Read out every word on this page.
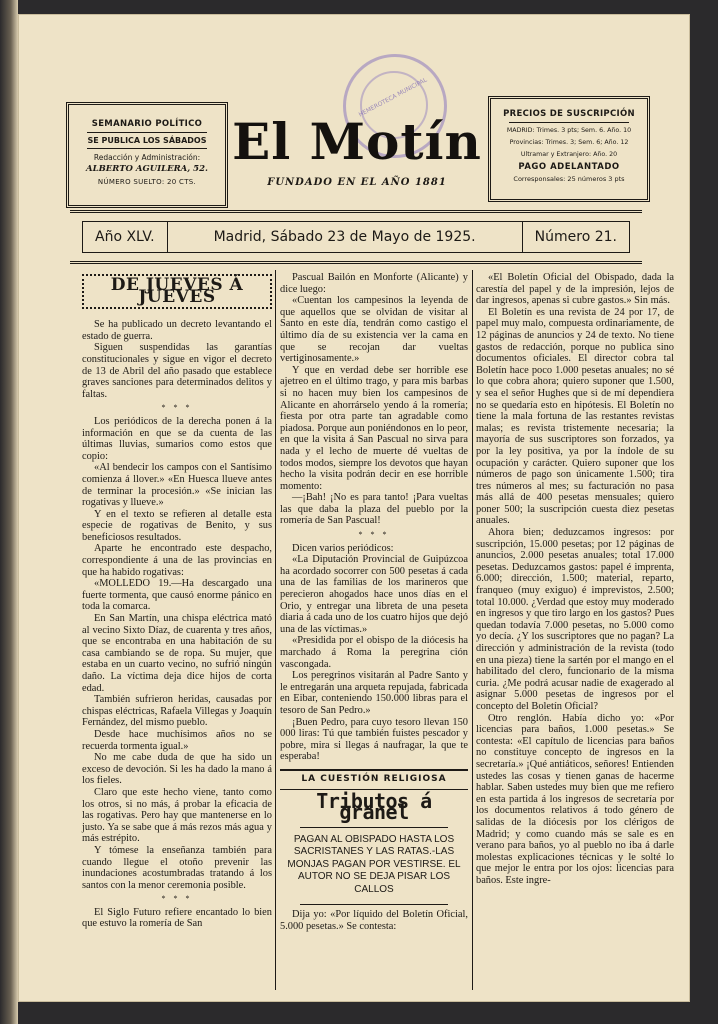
HEMEROTECA MUNICIPAL
SEMANARIO POLÍTICO
SE PUBLICA LOS SÁBADOS
Redacción y Administración:
ALBERTO AGUILERA, 52.
NÚMERO SUELTO: 20 CTS.
El Motín
FUNDADO EN EL AÑO 1881
PRECIOS DE SUSCRIPCIÓN
MADRID: Trimes. 3 pts; Sem. 6. Año. 10
Provincias: Trimes. 3; Sem. 6; Año. 12
Ultramar y Extranjero: Año. 20
PAGO ADELANTADO
Corresponsales: 25 números 3 pts
Año XLV.	Madrid, Sábado 23 de Mayo de 1925.	Número 21.
DE JUEVES Á JUEVES

Se ha publicado un decreto levantando el estado de guerra.

Siguen suspendidas las garantías constitucionales y sigue en vigor el decreto de 13 de Abril del año pasado que establece graves sanciones para determinados delitos y faltas.

* * *

Los periódicos de la derecha ponen á la información en que se da cuenta de las últimas lluvias, sumarios como estos que copio:

«Al bendecir los campos con el Santísimo comienza á llover.» «En Huesca llueve antes de terminar la procesión.» «Se inician las rogativas y llueve.»

Y en el texto se refieren al detalle esta especie de rogativas de Benito, y sus beneficiosos resultados.

Aparte he encontrado este despacho, correspondiente á una de las provincias en que ha habido rogativas:

«MOLLEDO 19.—Ha descargado una fuerte tormenta, que causó enorme pánico en toda la comarca.

En San Martín, una chispa eléctrica mató al vecino Sixto Díaz, de cuarenta y tres años, que se encontraba en una habitación de su casa cambiando se de ropa. Su mujer, que estaba en un cuarto vecino, no sufrió ningún daño. La víctima deja dice hijos de corta edad.

También sufrieron heridas, causadas por chispas eléctricas, Rafaela Villegas y Joaquín Fernández, del mismo pueblo.

Desde hace muchísimos años no se recuerda tormenta igual.»

No me cabe duda de que ha sido un exceso de devoción. Si les ha dado la mano á los fieles.

Claro que este hecho viene, tanto como los otros, si no más, á probar la eficacia de las rogativas. Pero hay que mantenerse en lo justo. Ya se sabe que á más rezos más agua y más estrépito.

Y tómese la enseñanza también para cuando llegue el otoño prevenir las inundaciones acostumbradas tratando á los santos con la menor ceremonia posible.

* * *

El Siglo Futuro refiere encantado lo bien que estuvo la romería de San

Pascual Bailón en Monforte (Alicante) y dice luego:

«Cuentan los campesinos la leyenda de que aquellos que se olvidan de visitar al Santo en este día, tendrán como castigo el último día de su existencia ver la cama en que se recojan dar vueltas vertiginosamente.»

Y que en verdad debe ser horrible ese ajetreo en el último trago, y para mis barbas si no hacen muy bien los campesinos de Alicante en ahorrárselo yendo á la romería; fiesta por otra parte tan agradable como piadosa. Porque aun poniéndonos en lo peor, en que la visita á San Pascual no sirva para nada y el lecho de muerte dé vueltas de todos modos, siempre los devotos que hayan hecho la visita podrán decir en ese horrible momento:

—¡Bah! ¡No es para tanto! ¡Para vueltas las que daba la plaza del pueblo por la romería de San Pascual!

* * *

Dicen varios periódicos:

«La Diputación Provincial de Guipúzcoa ha acordado socorrer con 500 pesetas á cada una de las familias de los marineros que perecieron ahogados hace unos días en el Orio, y entregar una libreta de una peseta diaria á cada uno de los cuatro hijos que dejó una de las víctimas.»

«Presidida por el obispo de la diócesis ha marchado á Roma la peregrina ción vascongada.

Los peregrinos visitarán al Padre Santo y le entregarán una arqueta repujada, fabricada en Eibar, conteniendo 150.000 libras para el tesoro de San Pedro.»

¡Buen Pedro, para cuyo tesoro llevan 150 000 liras: Tú que también fuistes pescador y pobre, mira si llegas á naufragar, la que te esperaba!

LA CUESTIÓN RELIGIOSA
Tributos á granel
PAGAN AL OBISPADO HASTA LOS SACRISTANES Y LAS RATAS.-LAS MONJAS PAGAN POR VESTIRSE. EL AUTOR NO SE DEJA PISAR LOS CALLOS

Dija yo: «Por líquido del Boletín Oficial, 5.000 pesetas.» Se contesta:

«El Boletín Oficial del Obispado, dada la carestía del papel y de la impresión, lejos de dar ingresos, apenas si cubre gastos.» Sin más.

El Boletín es una revista de 24 por 17, de papel muy malo, compuesta ordinariamente, de 12 páginas de anuncios y 24 de texto. No tiene gastos de redacción, porque no publica sino documentos oficiales. El director cobra tal Boletín hace poco 1.000 pesetas anuales; no sé lo que cobra ahora; quiero suponer que 1.500, y sea el señor Hughes que si de mí dependiera no se quedaría esto en hipótesis. El Boletín no tiene la mala fortuna de las restantes revistas malas; es revista tristemente necesaria; la mayoría de sus suscriptores son forzados, ya por la ley positiva, ya por la índole de su ocupación y carácter. Quiero suponer que los números de pago son únicamente 1.500; tira tres números al mes; su facturación no pasa más allá de 400 pesetas mensuales; quiero poner 500; la suscripción cuesta diez pesetas anuales.

Ahora bien; deduzcamos ingresos: por suscripción, 15.000 pesetas; por 12 páginas de anuncios, 2.000 pesetas anuales; total 17.000 pesetas. Deduzcamos gastos: papel é imprenta, 6.000; dirección, 1.500; material, reparto, franqueo (muy exiguo) é imprevistos, 2.500; total 10.000. ¿Verdad que estoy muy moderado en ingresos y que tiro largo en los gastos? Pues quedan todavía 7.000 pesetas, no 5.000 como yo decía. ¿Y los suscriptores que no pagan? La dirección y administración de la revista (todo en una pieza) tiene la sartén por el mango en el habilitado del clero, funcionario de la misma curia. ¿Me podrá acusar nadie de exagerado al asignar 5.000 pesetas de ingresos por el concepto del Boletín Oficial?

Otro renglón. Había dicho yo: «Por licencias para baños, 1.000 pesetas.» Se contesta: «El capítulo de licencias para baños no constituye concepto de ingresos en la secretaría.» ¡Qué antiáticos, señores! Entienden ustedes las cosas y tienen ganas de hacerme hablar. Saben ustedes muy bien que me refiero en esta partida á los ingresos de secretaría por los documentos relativos á todo género de salidas de la diócesis por los clérigos de Madrid; y como cuando más se sale es en verano para baños, yo al pueblo no iba á darle molestas explicaciones técnicas y le solté lo que mejor le entra por los ojos: licencias para baños. Este ingre-
